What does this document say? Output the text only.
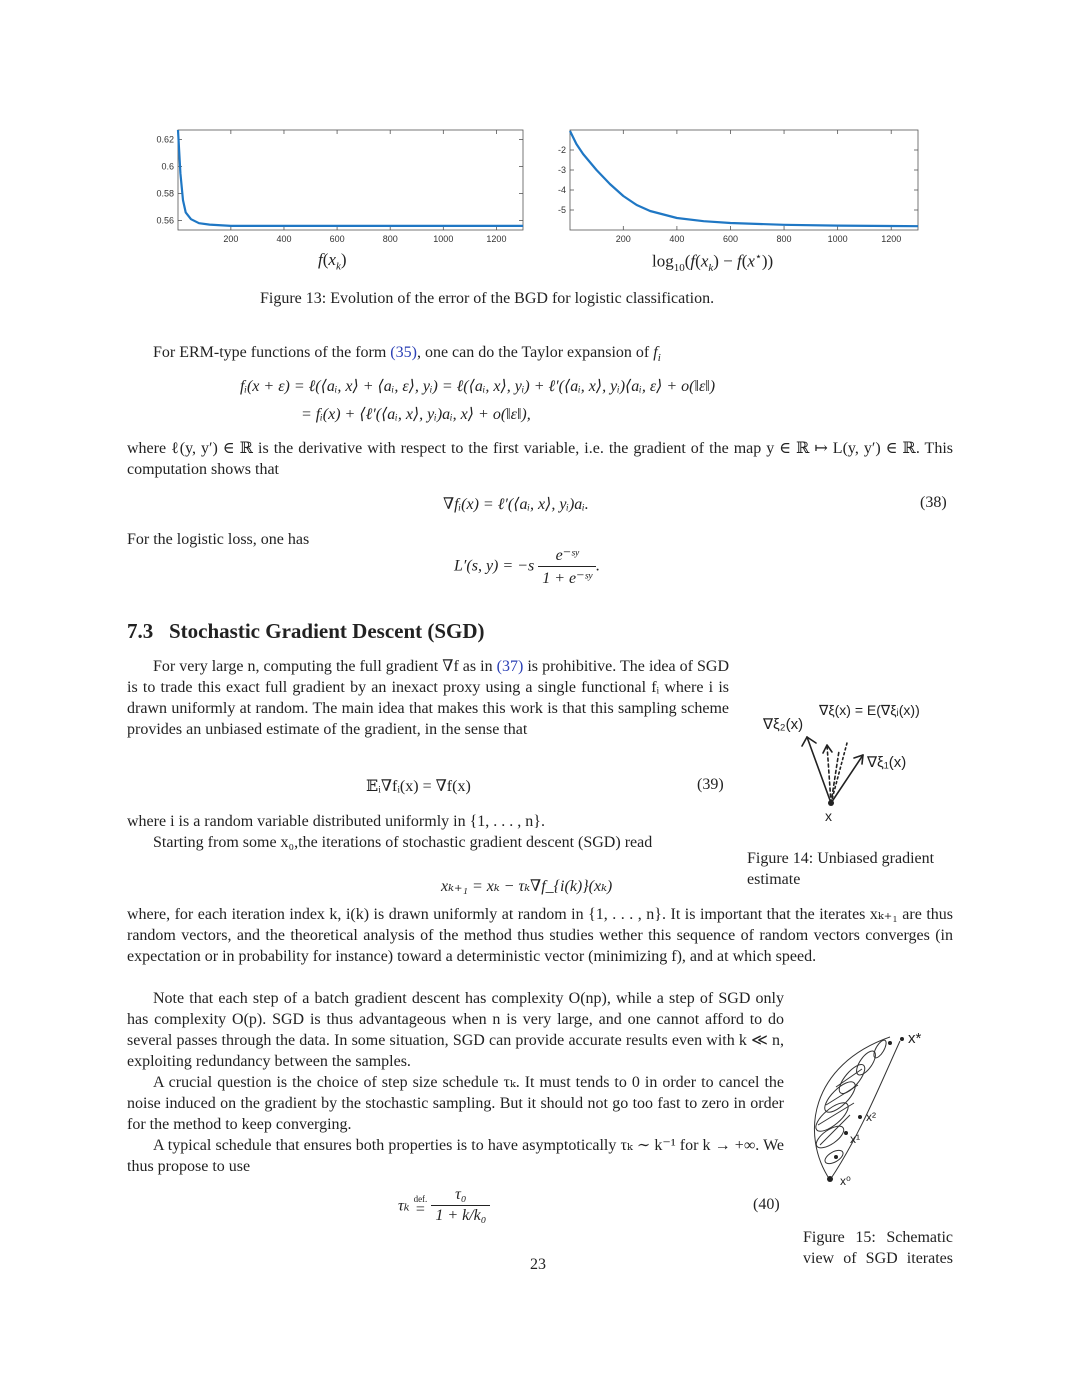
200	400	600	800	1000	1200
0.56
0.58
0.6
0.62
200	400	600	800	1000	1200
-2
-3
-4
-5
$f(x_k)$	$\log_{10}(f(x_k) - f(x^⋆))$
Figure 13: Evolution of the error of the BGD for logistic classification.
For ERM-type functions of the form (35), one can do the Taylor expansion of $f_i$
fᵢ(x + ε) = ℓ(⟨aᵢ, x⟩ + ⟨aᵢ, ε⟩, yᵢ) = ℓ(⟨aᵢ, x⟩, yᵢ) + ℓ′(⟨aᵢ, x⟩, yᵢ)⟨aᵢ, ε⟩ + o(‖ε‖)
= fᵢ(x) + ⟨ℓ′(⟨aᵢ, x⟩, yᵢ)aᵢ, x⟩ + o(‖ε‖),
where ℓ(y, y′) ∈ ℝ is the derivative with respect to the first variable, i.e. the gradient of the map y ∈ ℝ ↦ L(y, y′) ∈ ℝ. This computation shows that
∇fᵢ(x) = ℓ′(⟨aᵢ, x⟩, yᵢ)aᵢ.	(38)
For the logistic loss, one has
L′(s, $y) = -s \frac{\text{e⁻ˢʸ}}{\text{1 + e⁻ˢʸ}}$ .
7.3 Stochastic Gradient Descent (SGD)
For very large n, computing the full gradient ∇f as in (37) is prohibitive. The idea of SGD is to trade this exact full gradient by an inexact proxy using a single functional fᵢ where i is drawn uniformly at random. The main idea that makes this work is that this sampling scheme provides an unbiased estimate of the gradient, in the sense that
𝔼ᵢ∇fᵢ(x) = ∇f(x)	(39)
where i is a random variable distributed uniformly in {1, . . . , n}.
Starting from some x₀,the iterations of stochastic gradient descent (SGD) read
xₖ₊₁ = xₖ − τₖ∇f_{i(k)}(xₖ)
where, for each iteration index k, i(k) is drawn uniformly at random in {1, . . . , n}. It is important that the iterates xₖ₊₁ are thus random vectors, and the theoretical analysis of the method thus studies wether this sequence of random vectors converges (in expectation or in probability for instance) toward a deterministic vector (minimizing f), and at which speed.
Note that each step of a batch gradient descent has complexity O(np), while a step of SGD only has complexity O(p). SGD is thus advantageous when n is very large, and one cannot afford to do several passes through the data. In some situation, SGD can provide accurate results even with k ≪ n, exploiting redundancy between the samples.
A crucial question is the choice of step size schedule τₖ. It must tends to 0 in order to cancel the noise induced on the gradient by the stochastic sampling. But it should not go too fast to zero in order for the method to keep converging.
A typical schedule that ensures both properties is to have asymptotically τₖ ∼ k⁻¹ for k → +∞. We thus propose to use
τₖ def.
=
$\frac{\text{τ₀}}{\text{1 + k/k₀}}$	(40)
∇ξ₂(x)
∇ξ(x) = E(∇ξᵢ(x))
∇ξ₁(x)
x
Figure 14: Unbiased gradient estimate
x*
x²
x¹
x⁰
Figure 15: Schematic view of SGD iterates
23
